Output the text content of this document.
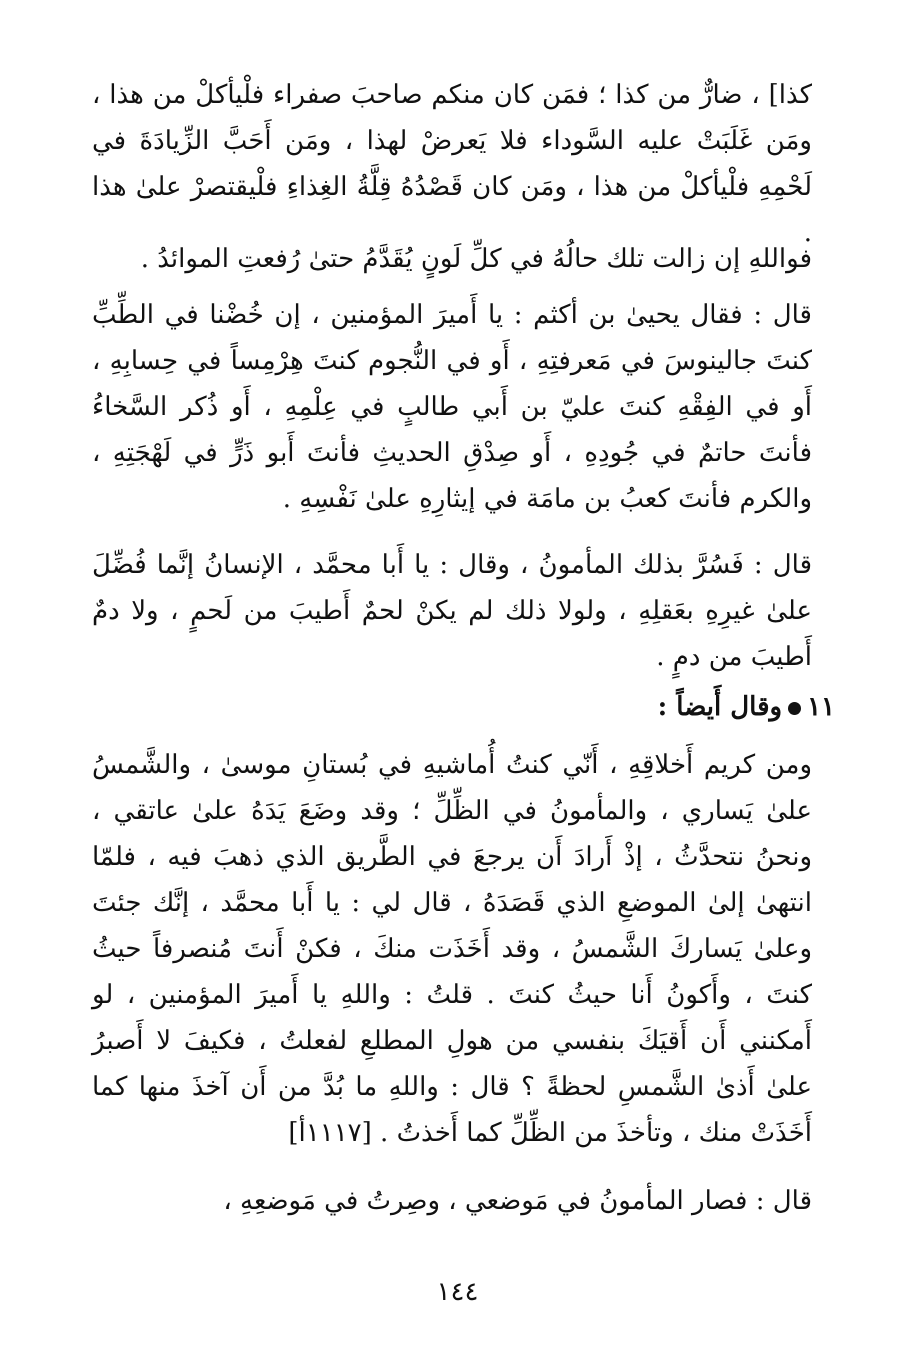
كذا] ، ضارٌّ من كذا ؛ فمَن كان منكم صاحبَ صفراء فلْيأكلْ من هذا ، ومَن غَلَبَتْ عليه السَّوداء فلا يَعرضْ لهذا ، ومَن أَحَبَّ الزِّيادَةَ في لَحْمِهِ فلْيأكلْ من هذا ، ومَن كان قَصْدُهُ قِلَّةُ الغِذاءِ فلْيقتصرْ علىٰ هذا .
فواللهِ إن زالت تلك حالُهُ في كلِّ لَونٍ يُقَدَّمُ حتىٰ رُفعتِ الموائدُ .
قال : فقال يحيىٰ بن أكثم : يا أَميرَ المؤمنين ، إن خُضْنا في الطِّبِّ كنتَ جالينوسَ في مَعرفتِهِ ، أَو في النُّجوم كنتَ هِرْمِساً في حِسابِهِ ، أَو في الفِقْهِ كنتَ عليّ بن أَبي طالبٍ في عِلْمِهِ ، أَو ذُكر السَّخاءُ فأنتَ حاتمٌ في جُودِهِ ، أَو صِدْقِ الحديثِ فأنتَ أَبو ذَرٍّ في لَهْجَتِهِ ، والكرم فأنتَ كعبُ بن مامَة في إيثارِهِ علىٰ نَفْسِهِ .
قال : فَسُرَّ بذلك المأمونُ ، وقال : يا أَبا محمَّد ، الإنسانُ إنَّما فُضِّلَ علىٰ غيرِهِ بعَقلِهِ ، ولولا ذلك لم يكنْ لحمٌ أَطيبَ من لَحمٍ ، ولا دمٌ أَطيبَ من دمٍ .
١١وقال أَيضاً :
ومن كريم أَخلاقِهِ ، أَنّي كنتُ أُماشيهِ في بُستانِ موسىٰ ، والشَّمسُ علىٰ يَساري ، والمأمونُ في الظِّلِّ ؛ وقد وضَعَ يَدَهُ علىٰ عاتقي ، ونحنُ نتحدَّثُ ، إذْ أَرادَ أَن يرجعَ في الطَّريق الذي ذهبَ فيه ، فلمّا انتهىٰ إلىٰ الموضعِ الذي قَصَدَهُ ، قال لي : يا أَبا محمَّد ، إنَّك جئتَ وعلىٰ يَساركَ الشَّمسُ ، وقد أَخَذَت منكَ ، فكنْ أَنتَ مُنصرفاً حيثُ كنتَ ، وأَكونُ أَنا حيثُ كنتَ . قلتُ : واللهِ يا أَميرَ المؤمنين ، لو أَمكنني أَن أَقيَكَ بنفسي من هولِ المطلعِ لفعلتُ ، فكيفَ لا أَصبرُ علىٰ أَذىٰ الشَّمسِ لحظةً ؟ قال : واللهِ ما بُدَّ من أَن آخذَ منها كما أَخَذَتْ منك ، وتأخذَ من الظِّلِّ كما أَخذتُ . [١١١٧أ]
قال : فصار المأمونُ في مَوضعي ، وصِرتُ في مَوضعِهِ ،
١٤٤
